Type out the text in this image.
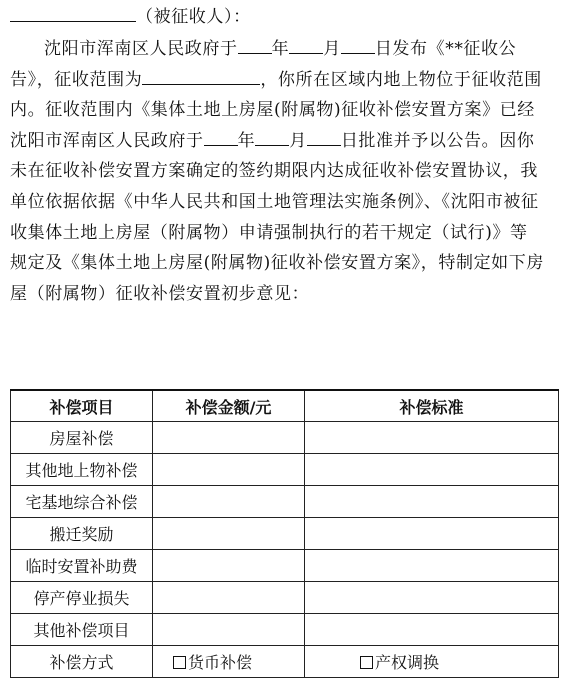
（被征收人）：
沈阳市浑南区人民政府于 年 月 日发布《**征收公告》，征收范围为	，你所在区域内地上物位于征收范围内。征收范围内《集体土地上房屋(附属物)征收补偿安置方案》已经沈阳市浑南区人民政府于 年 月 日批准并予以公告。因你未在征收补偿安置方案确定的签约期限内达成征收补偿安置协议，我单位依据依据《中华人民共和国土地管理法实施条例》、《沈阳市被征收集体土地上房屋（附属物）申请强制执行的若干规定（试行)》等规定及《集体土地上房屋(附属物)征收补偿安置方案》，特制定如下房屋（附属物）征收补偿安置初步意见：
补偿项目	补偿金额/元	补偿标准
房屋补偿		
其他地上物补偿		
宅基地综合补偿		
搬迁奖励		
临时安置补助费		
停产停业损失		
其他补偿项目		
补偿方式	货币补偿	产权调换
